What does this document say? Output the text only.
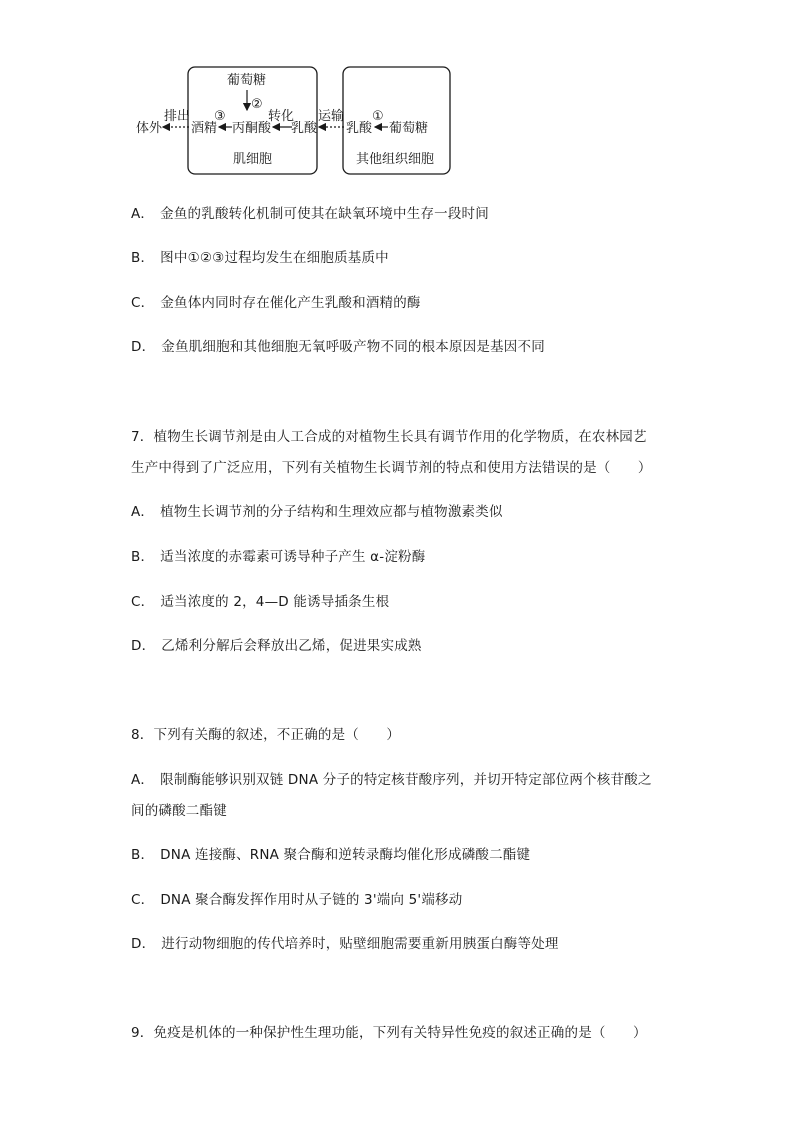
葡萄糖
②
转化
③
酒精 丙酮酸 乳酸
肌细胞
排出
体外
运输 ①
乳酸 葡萄糖
其他组织细胞
A． 金鱼的乳酸转化机制可使其在缺氧环境中生存一段时间
B． 图中①②③过程均发生在细胞质基质中
C． 金鱼体内同时存在催化产生乳酸和酒精的酶
D． 金鱼肌细胞和其他细胞无氧呼吸产物不同的根本原因是基因不同
7．植物生长调节剂是由人工合成的对植物生长具有调节作用的化学物质，在农林园艺
生产中得到了广泛应用，下列有关植物生长调节剂的特点和使用方法错误的是（　　）
A． 植物生长调节剂的分子结构和生理效应都与植物激素类似
B． 适当浓度的赤霉素可诱导种子产生 α-淀粉酶
C． 适当浓度的 2，4—D 能诱导插条生根
D． 乙烯利分解后会释放出乙烯，促进果实成熟
8．下列有关酶的叙述，不正确的是（　　）
A． 限制酶能够识别双链 DNA 分子的特定核苷酸序列，并切开特定部位两个核苷酸之
间的磷酸二酯键
B． DNA 连接酶、RNA 聚合酶和逆转录酶均催化形成磷酸二酯键
C． DNA 聚合酶发挥作用时从子链的 3'端向 5'端移动
D． 进行动物细胞的传代培养时，贴壁细胞需要重新用胰蛋白酶等处理
9．免疫是机体的一种保护性生理功能，下列有关特异性免疫的叙述正确的是（　　）
